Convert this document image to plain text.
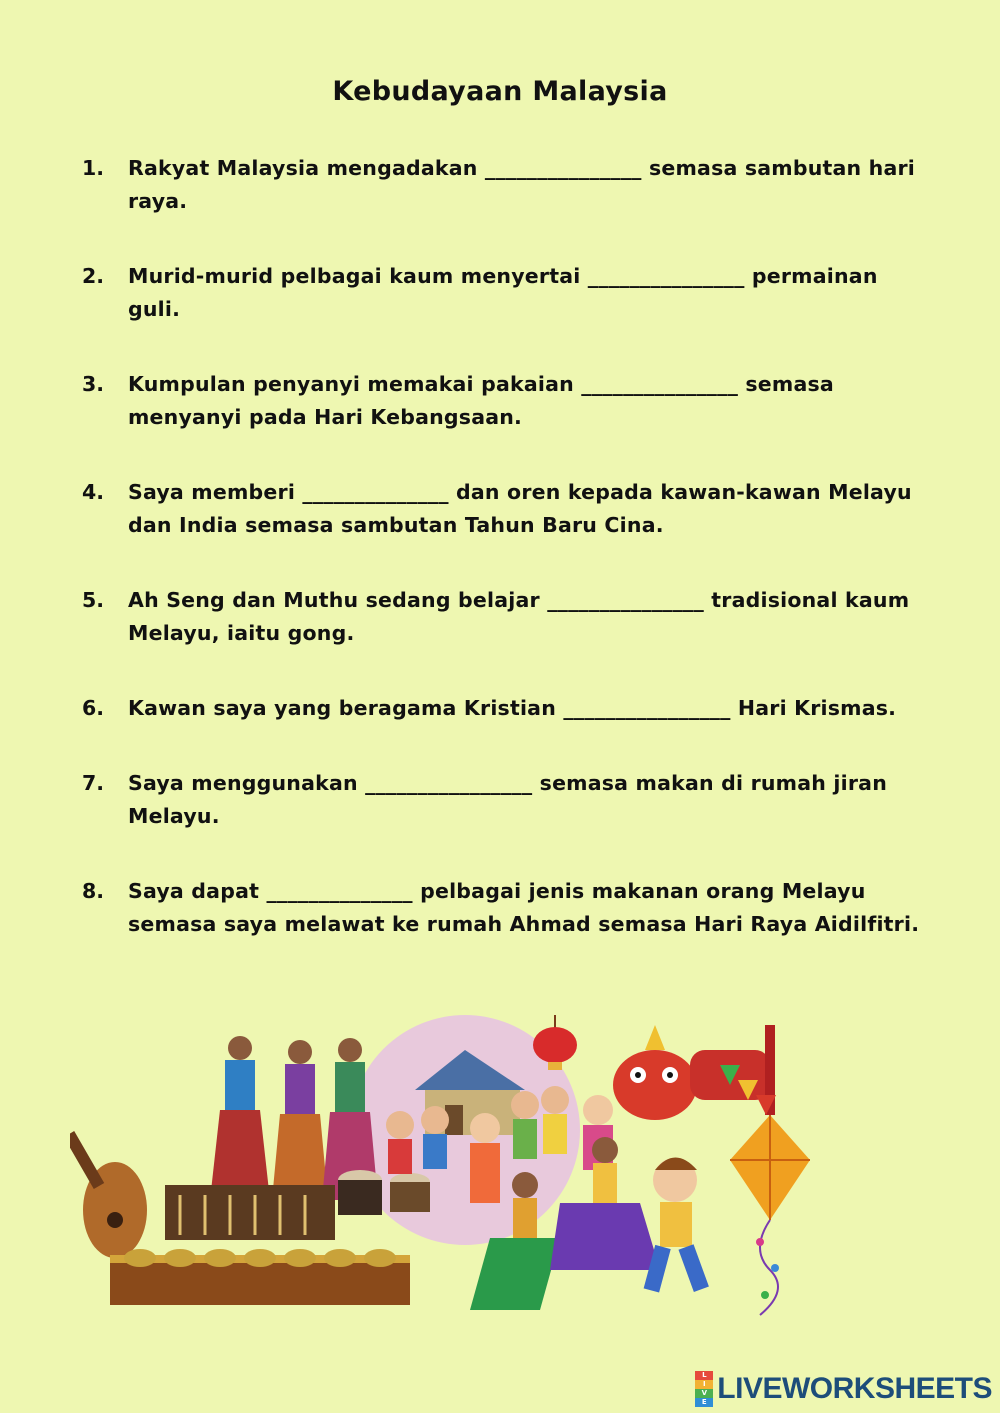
Kebudayaan Malaysia
1.	Rakyat Malaysia mengadakan _______________ semasa sambutan hari raya.
2.	Murid-murid pelbagai kaum menyertai _______________ permainan guli.
3.	Kumpulan penyanyi memakai pakaian _______________ semasa menyanyi pada Hari Kebangsaan.
4.	Saya memberi ______________ dan oren kepada kawan-kawan Melayu dan India semasa sambutan Tahun Baru Cina.
5.	Ah Seng dan Muthu sedang belajar _______________ tradisional kaum Melayu, iaitu gong.
6.	Kawan saya yang beragama Kristian ________________ Hari Krismas.
7.	Saya menggunakan ________________ semasa makan di rumah jiran Melayu.
8.	Saya dapat ______________ pelbagai jenis makanan orang Melayu semasa saya melawat ke rumah Ahmad semasa Hari Raya Aidilfitri.
L
I
V
E LIVEWORKSHEETS
